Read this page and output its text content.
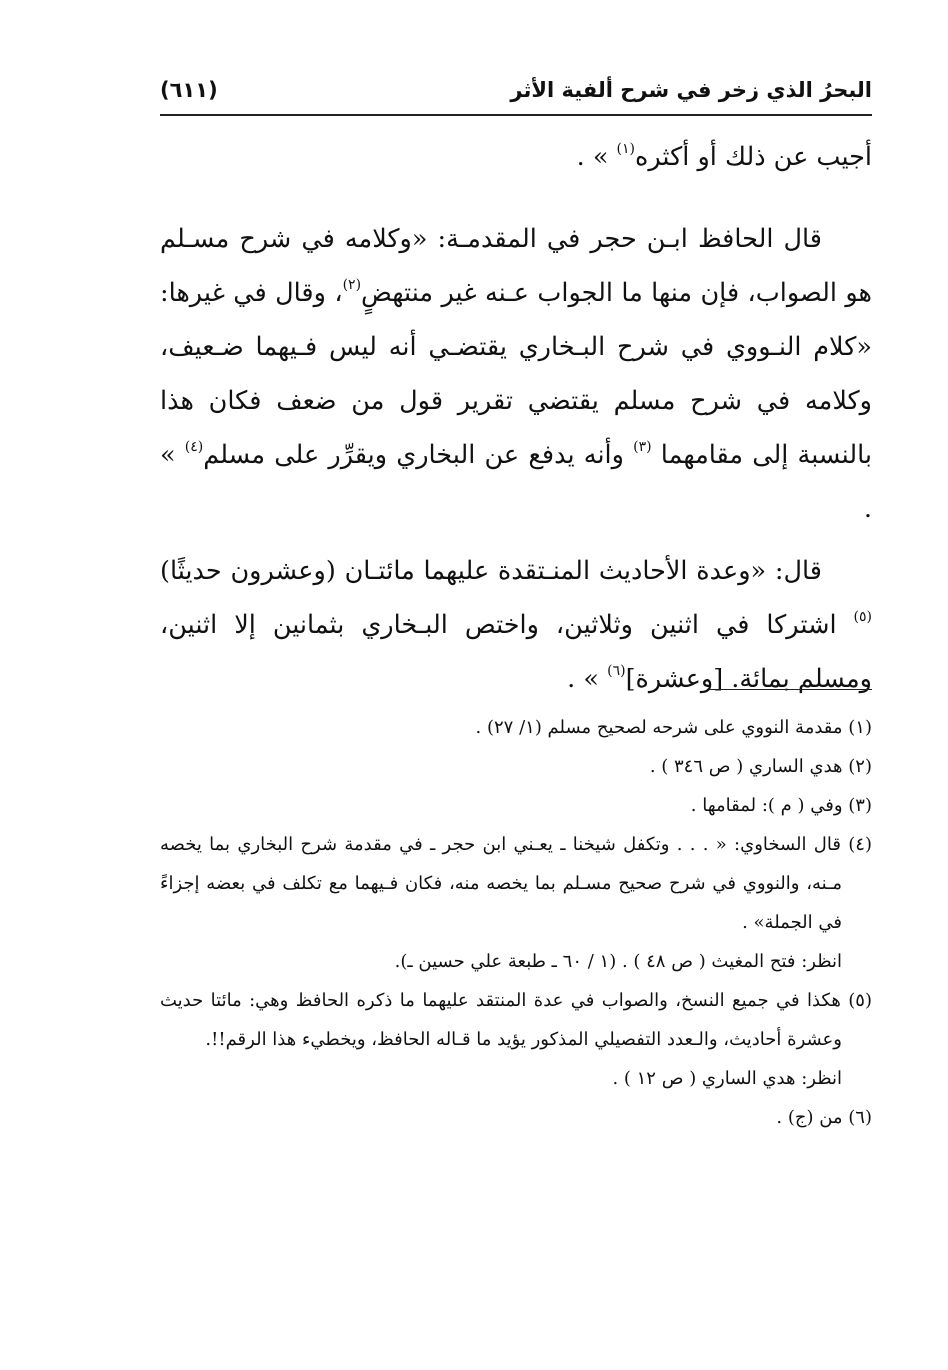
البحرُ الذي زخر في شرح ألفية الأثر
(٦١١)

أجيب عن ذلك أو أكثره$^{(١)}$ » .

قال الحافظ ابـن حجر في المقدمـة: «وكلامه في شرح مسـلم هو الصواب، فإن منها ما الجواب عـنه غير منتهضٍ$^{(٢)}$، وقال في غيرها: «كلام النـووي في شرح البـخاري يقتضـي أنه ليس فـيهما ضـعيف، وكلامه في شرح مسلم يقتضي تقرير قول من ضعف فكان هذا بالنسبة إلى مقامهما $^{(٣)}$ وأنه يدفع عن البخاري ويقرِّر على مسلم$^{(٤)}$ » .

قال: «وعدة الأحاديث المنـتقدة عليهما مائتـان (وعشرون حديثًا)$^{(٥)}$ اشتركا في اثنين وثلاثين، واختص البـخاري بثمانين إلا اثنين، ومسلم بمائة. [وعشرة]$^{(٦)}$ » .

(١) مقدمة النووي على شرحه لصحيح مسلم (١/ ٢٧) .

(٢) هدي الساري ( ص ٣٤٦ ) .

(٣) وفي ( م ): لمقامها .

(٤) قال السخاوي: « . . . وتكفل شيخنا ـ يعـني ابن حجر ـ في مقدمة شرح البخاري بما يخصه مـنه، والنووي في شرح صحيح مسـلم بما يخصه منه، فكان فـيهما مع تكلف في بعضه إجزاءً في الجملة» .

انظر: فتح المغيث ( ص ٤٨ ) . (١ / ٦٠ ـ طبعة علي حسين ـ).

(٥) هكذا في جميع النسخ، والصواب في عدة المنتقد عليهما ما ذكره الحافظ وهي: مائتا حديث وعشرة أحاديث، والـعدد التفصيلي المذكور يؤيد ما قـاله الحافظ، ويخطيء هذا الرقم!!.

انظر: هدي الساري ( ص ١٢ ) .

(٦) من (ج) .
